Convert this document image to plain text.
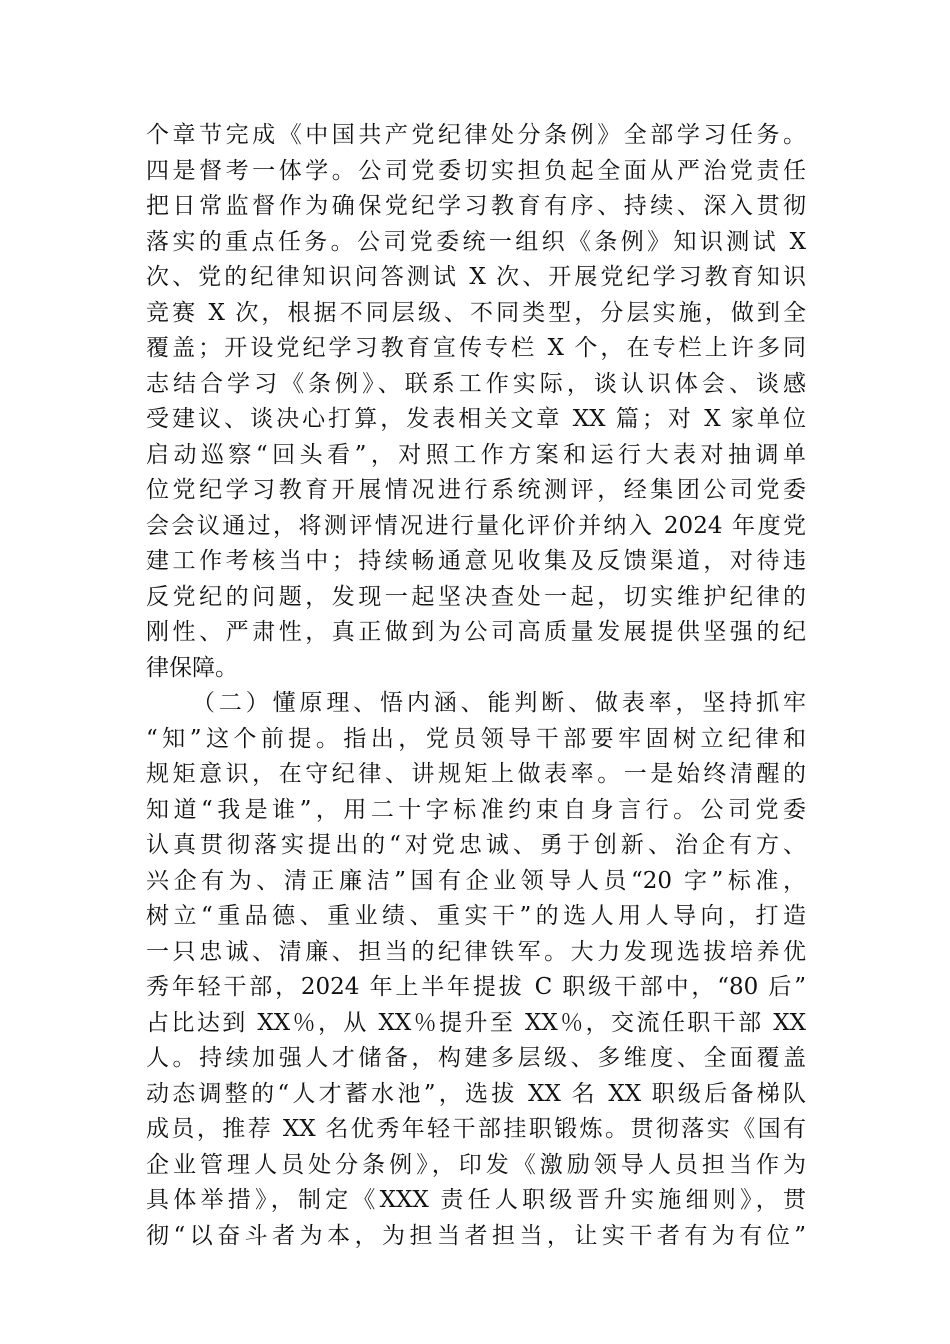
个章节完成《中国共产党纪律处分条例》全部学习任务。
四是督考一体学。公司党委切实担负起全面从严治党责任
把日常监督作为确保党纪学习教育有序、持续、深入贯彻
落实的重点任务。公司党委统一组织《条例》知识测试 X
次、党的纪律知识问答测试 X 次、开展党纪学习教育知识
竞赛 X 次，根据不同层级、不同类型，分层实施，做到全
覆盖；开设党纪学习教育宣传专栏 X 个，在专栏上许多同
志结合学习《条例》、联系工作实际，谈认识体会、谈感
受建议、谈决心打算，发表相关文章 XX 篇；对 X 家单位
启动巡察“回头看”，对照工作方案和运行大表对抽调单
位党纪学习教育开展情况进行系统测评，经集团公司党委
会会议通过，将测评情况进行量化评价并纳入 2024 年度党
建工作考核当中；持续畅通意见收集及反馈渠道，对待违
反党纪的问题，发现一起坚决查处一起，切实维护纪律的
刚性、严肃性，真正做到为公司高质量发展提供坚强的纪
律保障。
（二）懂原理、悟内涵、能判断、做表率，坚持抓牢
“知”这个前提。指出，党员领导干部要牢固树立纪律和
规矩意识，在守纪律、讲规矩上做表率。一是始终清醒的
知道“我是谁”，用二十字标准约束自身言行。公司党委
认真贯彻落实提出的“对党忠诚、勇于创新、治企有方、
兴企有为、清正廉洁”国有企业领导人员“20 字”标准，
树立“重品德、重业绩、重实干”的选人用人导向，打造
一只忠诚、清廉、担当的纪律铁军。大力发现选拔培养优
秀年轻干部，2024 年上半年提拔 C 职级干部中，“80 后”
占比达到 XX％，从 XX％提升至 XX％，交流任职干部 XX
人。持续加强人才储备，构建多层级、多维度、全面覆盖
动态调整的“人才蓄水池”，选拔 XX 名 XX 职级后备梯队
成员，推荐 XX 名优秀年轻干部挂职锻炼。贯彻落实《国有
企业管理人员处分条例》，印发《激励领导人员担当作为
具体举措》，制定《XXX 责任人职级晋升实施细则》，贯
彻“以奋斗者为本，为担当者担当，让实干者有为有位”
